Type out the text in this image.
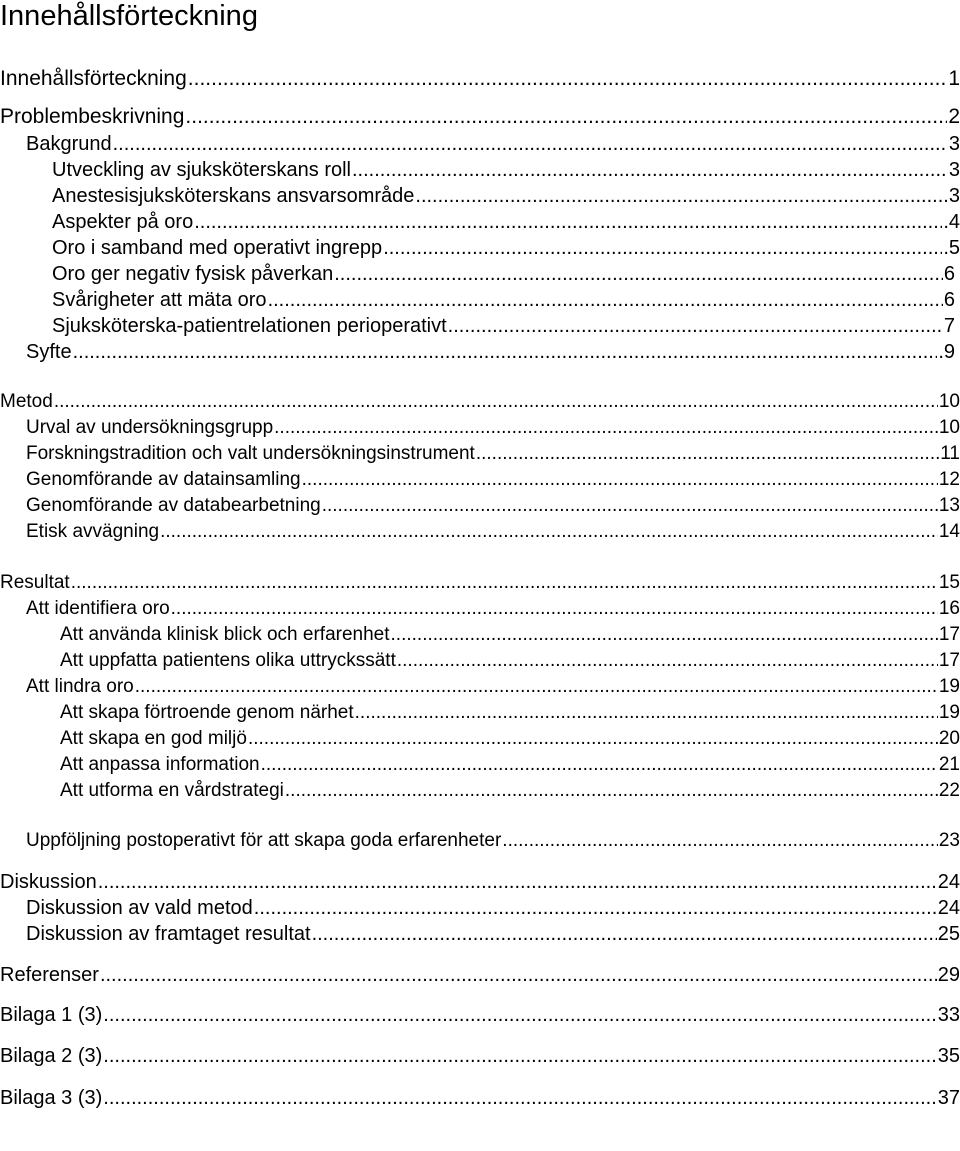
Innehållsförteckning
Innehållsförteckning .....	1
Problembeskrivning .....	2
Bakgrund .....	3
Utveckling av sjuksköterskans roll .....	3
Anestesisjuksköterskans ansvarsområde .....	3
Aspekter på oro .....	.4
Oro i samband med operativt ingrepp .....	.5
Oro ger negativ fysisk påverkan .....	6
Svårigheter att mäta oro .....	6
Sjuksköterska-patientrelationen perioperativt .....	7
Syfte .....	.9
Metod .....	10
Urval av undersökningsgrupp .....	10
Forskningstradition och valt undersökningsinstrument .....	11
Genomförande av datainsamling .....	12
Genomförande av databearbetning .....	13
Etisk avvägning .....	14
Resultat .....	15
Att identifiera oro .....	16
Att använda klinisk blick och erfarenhet .....	17
Att uppfatta patientens olika uttryckssätt .....	17
Att lindra oro .....	19
Att skapa förtroende genom närhet .....	19
Att skapa en god miljö .....	20
Att anpassa information .....	21
Att utforma en vårdstrategi .....	22
Uppföljning postoperativt för att skapa goda erfarenheter .....	23
Diskussion .....	24
Diskussion av vald metod .....	24
Diskussion av framtaget resultat .....	25
Referenser .....	29
Bilaga 1 (3) .....	33
Bilaga 2 (3) .....	35
Bilaga 3 (3) .....	37
